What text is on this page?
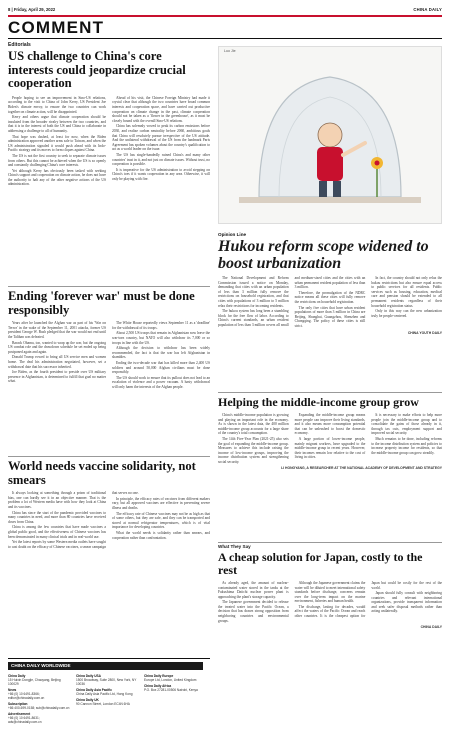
8 | Friday, April 29, 2022	CHINA DAILY
COMMENT
Editorials
US challenge to China's core interests could jeopardize crucial cooperation

People hoping to see an improvement in Sino-US relations, according to the visit to China of John Kerry, US President Joe Biden's climate envoy, to ensure the two countries can work together on climate action, will be disappointed.

Kerry and others argue that climate cooperation should be insulated from the broader rivalry between the two countries, and that it is in the interest of both the US and China to collaborate in addressing a challenge to all of humanity.

That hope was dashed, at least for now, when the Biden administration approved another arms sale to Taiwan, and when the US administration signaled it would push ahead with its Indo-Pacific strategy and its moves to form cliques against China.

The US is not the first country to seek to separate climate issues from others. But this cannot be achieved when the US is so openly and constantly challenging China's core interests.

Yet although Kerry has obviously been tasked with seeking China's support and cooperation on climate action, he does not have the authority to halt any of the other negative actions of the US administration.

Ahead of his visit, the Chinese Foreign Ministry had made it crystal clear that although the two countries have broad common interests and cooperation space, and have carried out productive cooperation on climate change in the past, climate cooperation should not be taken as a 'flower in the greenhouse', as it must be closely bound with the overall Sino-US relations.

China has solemnly vowed to peak its carbon emissions before 2030, and realize carbon neutrality before 2060, ambitious goals that China will resolutely pursue irrespective of the US attitude. And the unilateral withdrawal of the US from the landmark Paris Agreement has spoken volumes about the country's qualification to act as a world leader on the issue.

The US has single-handedly ruined China's and many other countries' trust in it, and not just on climate issues. Without trust, no cooperation is possible.

It is imperative for the US administration to avoid stepping on China's toes if it wants cooperation in any area. Otherwise, it will only be playing with fire.

Ending 'forever war' must be done responsibly

Years after he launched the Afghan war as part of his 'War on Terror' in the wake of the September 11, 2001 attacks, former US president George W. Bush pledged that the war would not end until the Taliban was defeated.

Barack Obama, too, wanted to wrap up the war, but the ongoing US combat role and the drawdown schedule he set ended up being postponed again and again.

Donald Trump vowed to bring all US service men and women home. The deal his administration negotiated, however, set a withdrawal date that his successor inherited.

Joe Biden, as the fourth president to preside over US military presence in Afghanistan, is determined to fulfill that goal no matter what.

The White House reportedly views September 11 as a 'deadline' for the withdrawal of its troops.

About 2,500 US troops that remain in Afghanistan now leave the war-torn country, but NATO will also withdraw its 7,000 or so troops in line with the US.

Although the decision to withdraw has been widely recommended, the fact is that the war has left Afghanistan in shambles.

Ending the two-decade war that has killed more than 2,400 US soldiers and around 50,000 Afghan civilians must be done responsibly.

The US should work to ensure that its pullout does not lead to an escalation of violence and a power vacuum. A hasty withdrawal will only harm the interests of the Afghan people.

World needs vaccine solidarity, not smears

It always looking at something through a prism of traditional bias, one can hardly see it in an objective manner. That is the problem a lot of Western media have with how they look at China and its vaccines.

China has since the start of the pandemic provided vaccines to many countries in need, and more than 80 countries have received doses from China.

China is among the few countries that have made vaccines a global public good, and the effectiveness of Chinese vaccines has been demonstrated in many clinical trials and in real-world use.

Yet the latest reports by some Western media outlets have sought to cast doubt on the efficacy of Chinese vaccines, a smear campaign that serves no one.

In principle, the efficacy rates of vaccines from different makers vary, but all approved vaccines are effective in preventing severe illness and deaths.

The efficacy rate of Chinese vaccines may not be as high as that of some others, but they are safe, and they can be transported and stored at normal refrigerator temperatures, which is of vital importance for developing countries.

What the world needs is solidarity rather than smears, and cooperation rather than confrontation.

Luo Jie
Opinion Line
Hukou reform scope widened to boost urbanization

The National Development and Reform Commission issued a notice on Monday, demanding that cities with an urban population of less than 3 million fully remove the restrictions on household registration, and that cities with populations of 3 million to 5 million relax their restrictions for incoming residents.

The hukou system has long been a stumbling block for the free flow of labor. According to China's current standards, an urban resident population of less than 3 million covers all small and medium-sized cities and the cities with an urban permanent resident population of less than 3 million.

Therefore, the promulgation of the NDRC notice means all these cities will fully remove the restrictions on household registration.

The only five cities that have urban resident populations of more than 3 million in China are Beijing, Shanghai, Guangzhou, Shenzhen and Chongqing. The policy of these cities is still strict.

In fact, the country should not only relax the hukou restrictions but also ensure equal access to public services for all residents. Public services such as housing, education, medical care and pension should be extended to all permanent residents regardless of their household registration status.

Only in this way can the new urbanization truly be people-centered.

CHINA YOUTH DAILY
Helping the middle-income group grow

China's middle-income population is growing and playing an important role in the economy. As is shown in the latest data, the 400 million middle-income group accounts for a large share of the country's total consumption.

The 14th Five-Year Plan (2021-25) also sets the goal of expanding the middle-income group. Measures to achieve this include raising the income of low-income groups, improving the income distribution system and strengthening social security.

Expanding the middle-income group means more people can improve their living standards, and it also means more consumption potential that can be unleashed to boost the domestic economy.

A large portion of lower-income people, mainly migrant workers, have upgraded to the middle-income group in recent years. However, their incomes remain low relative to the cost of living in cities.

It is necessary to make efforts to help more people join the middle-income group and to consolidate the gains of those already in it, through tax cuts, employment support and improved social security.

Much remains to be done, including reforms to the income distribution system and policies to increase property income for residents, so that the middle-income group can grow steadily.

LI HONGYANG, A RESEARCHER AT THE NATIONAL ACADEMY OF DEVELOPMENT AND STRATEGY
What They Say
A cheap solution for Japan, costly to the rest

As already aged, the amount of nuclear-contaminated water stored in the tanks at the Fukushima Daiichi nuclear power plant is approaching the plant's storage capacity.

The Japanese government decided to release the treated water into the Pacific Ocean, a decision that has drawn strong opposition from neighboring countries and environmental groups.

Although the Japanese government claims the water will be diluted to meet international safety standards before discharge, concerns remain over the long-term impact on the marine environment, fisheries and human health.

The discharge, lasting for decades, would affect the waters of the Pacific Ocean and reach other countries. It is the cheapest option for Japan but could be costly for the rest of the world.

Japan should fully consult with neighboring countries and relevant international organizations, provide transparent information and seek safer disposal methods rather than acting unilaterally.

CHINA DAILY
CHINA DAILY WORLDWIDE
China Daily
15 Huixin Dongjie, Chaoyang, Beijing 100029
News
+86 (0) 10 6491-8366; editor@chinadaily.com.cn
Subscription
+86 400-699-0158; sub@chinadaily.com.cn
Advertisement
+86 (0) 10 6491-8631; ads@chinadaily.com.cn
China Daily USA
1500 Broadway, Suite 2800, New York, NY 10036
China Daily Asia Pacific
China Daily Asia Pacific Ltd, Hong Kong
China Daily UK
90 Cannon Street, London EC4N 6HA
China Daily Europe
Europe Ltd, London, United Kingdom
China Daily Africa
P.O. Box 27281-00506 Nairobi, Kenya
